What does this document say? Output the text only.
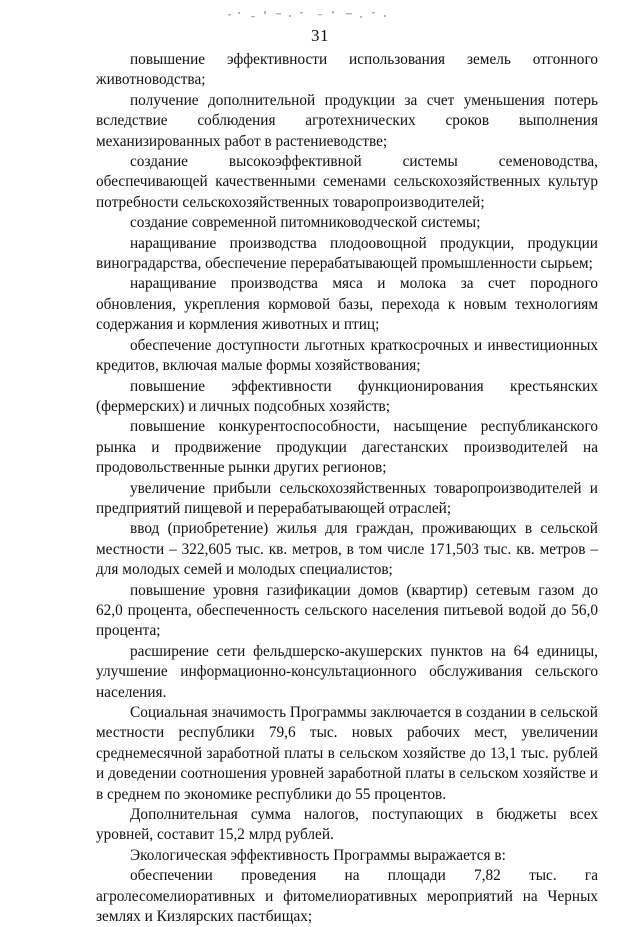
31

повышение эффективности использования земель отгонного животноводства;

получение дополнительной продукции за счет уменьшения потерь вследствие соблюдения агротехнических сроков выполнения механизированных работ в растениеводстве;

создание высокоэффективной системы семеноводства, обеспечивающей качественными семенами сельскохозяйственных культур потребности сельскохозяйственных товаропроизводителей;

создание современной питомниководческой системы;

наращивание производства плодоовощной продукции, продукции виноградарства, обеспечение перерабатывающей промышленности сырьем;

наращивание производства мяса и молока за счет породного обновления, укрепления кормовой базы, перехода к новым технологиям содержания и кормления животных и птиц;

обеспечение доступности льготных краткосрочных и инвестиционных кредитов, включая малые формы хозяйствования;

повышение эффективности функционирования крестьянских (фермерских) и личных подсобных хозяйств;

повышение конкурентоспособности, насыщение республиканского рынка и продвижение продукции дагестанских производителей на продовольственные рынки других регионов;

увеличение прибыли сельскохозяйственных товаропроизводителей и предприятий пищевой и перерабатывающей отраслей;

ввод (приобретение) жилья для граждан, проживающих в сельской местности – 322,605 тыс. кв. метров, в том числе 171,503 тыс. кв. метров – для молодых семей и молодых специалистов;

повышение уровня газификации домов (квартир) сетевым газом до 62,0 процента, обеспеченность сельского населения питьевой водой до 56,0 процента;

расширение сети фельдшерско-акушерских пунктов на 64 единицы, улучшение информационно-консультационного обслуживания сельского населения.

Социальная значимость Программы заключается в создании в сельской местности республики 79,6 тыс. новых рабочих мест, увеличении среднемесячной заработной платы в сельском хозяйстве до 13,1 тыс. рублей и доведении соотношения уровней заработной платы в сельском хозяйстве и в среднем по экономике республики до 55 процентов.

Дополнительная сумма налогов, поступающих в бюджеты всех уровней, составит 15,2 млрд рублей.

Экологическая эффективность Программы выражается в:

обеспечении проведения на площади 7,82 тыс. га агролесомелиоративных и фитомелиоративных мероприятий на Черных землях и Кизлярских пастбищах;
